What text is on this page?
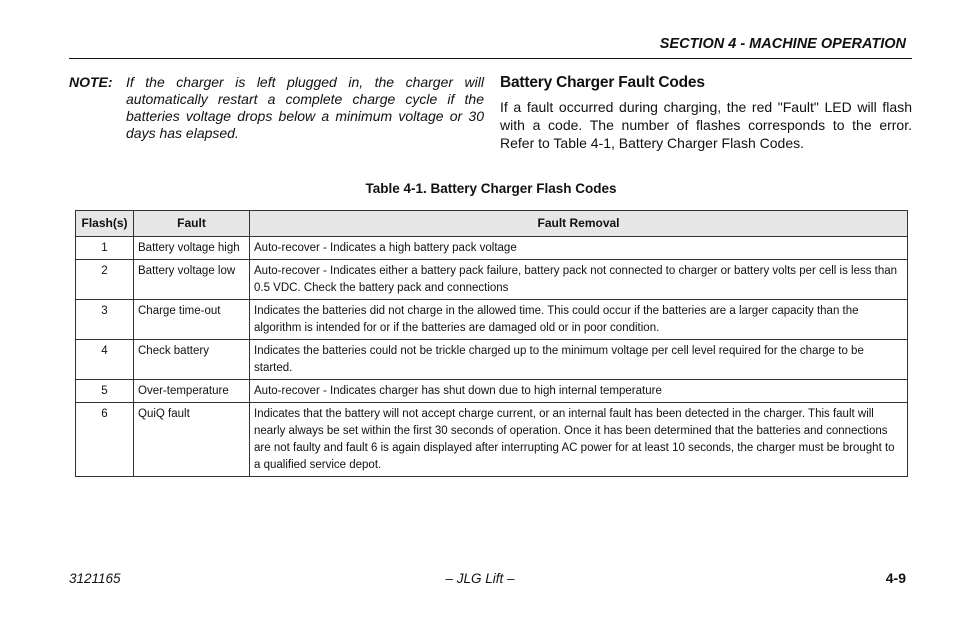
SECTION 4 - MACHINE OPERATION
NOTE: If the charger is left plugged in, the charger will automatically restart a complete charge cycle if the batteries voltage drops below a minimum voltage or 30 days has elapsed.
Battery Charger Fault Codes
If a fault occurred during charging, the red "Fault" LED will flash with a code. The number of flashes corresponds to the error. Refer to Table 4-1, Battery Charger Flash Codes.
Table 4-1. Battery Charger Flash Codes
Flash(s)	Fault	Fault Removal
1	Battery voltage high	Auto-recover - Indicates a high battery pack voltage
2	Battery voltage low	Auto-recover - Indicates either a battery pack failure, battery pack not connected to charger or battery volts per cell is less than 0.5 VDC. Check the battery pack and connections
3	Charge time-out	Indicates the batteries did not charge in the allowed time. This could occur if the batteries are a larger capacity than the algorithm is intended for or if the batteries are damaged old or in poor condition.
4	Check battery	Indicates the batteries could not be trickle charged up to the minimum voltage per cell level required for the charge to be started.
5	Over-temperature	Auto-recover - Indicates charger has shut down due to high internal temperature
6	QuiQ fault	Indicates that the battery will not accept charge current, or an internal fault has been detected in the charger. This fault will nearly always be set within the first 30 seconds of operation. Once it has been determined that the batteries and connections are not faulty and fault 6 is again displayed after interrupting AC power for at least 10 seconds, the charger must be brought to a qualified service depot.
3121165	– JLG Lift –	4-9
